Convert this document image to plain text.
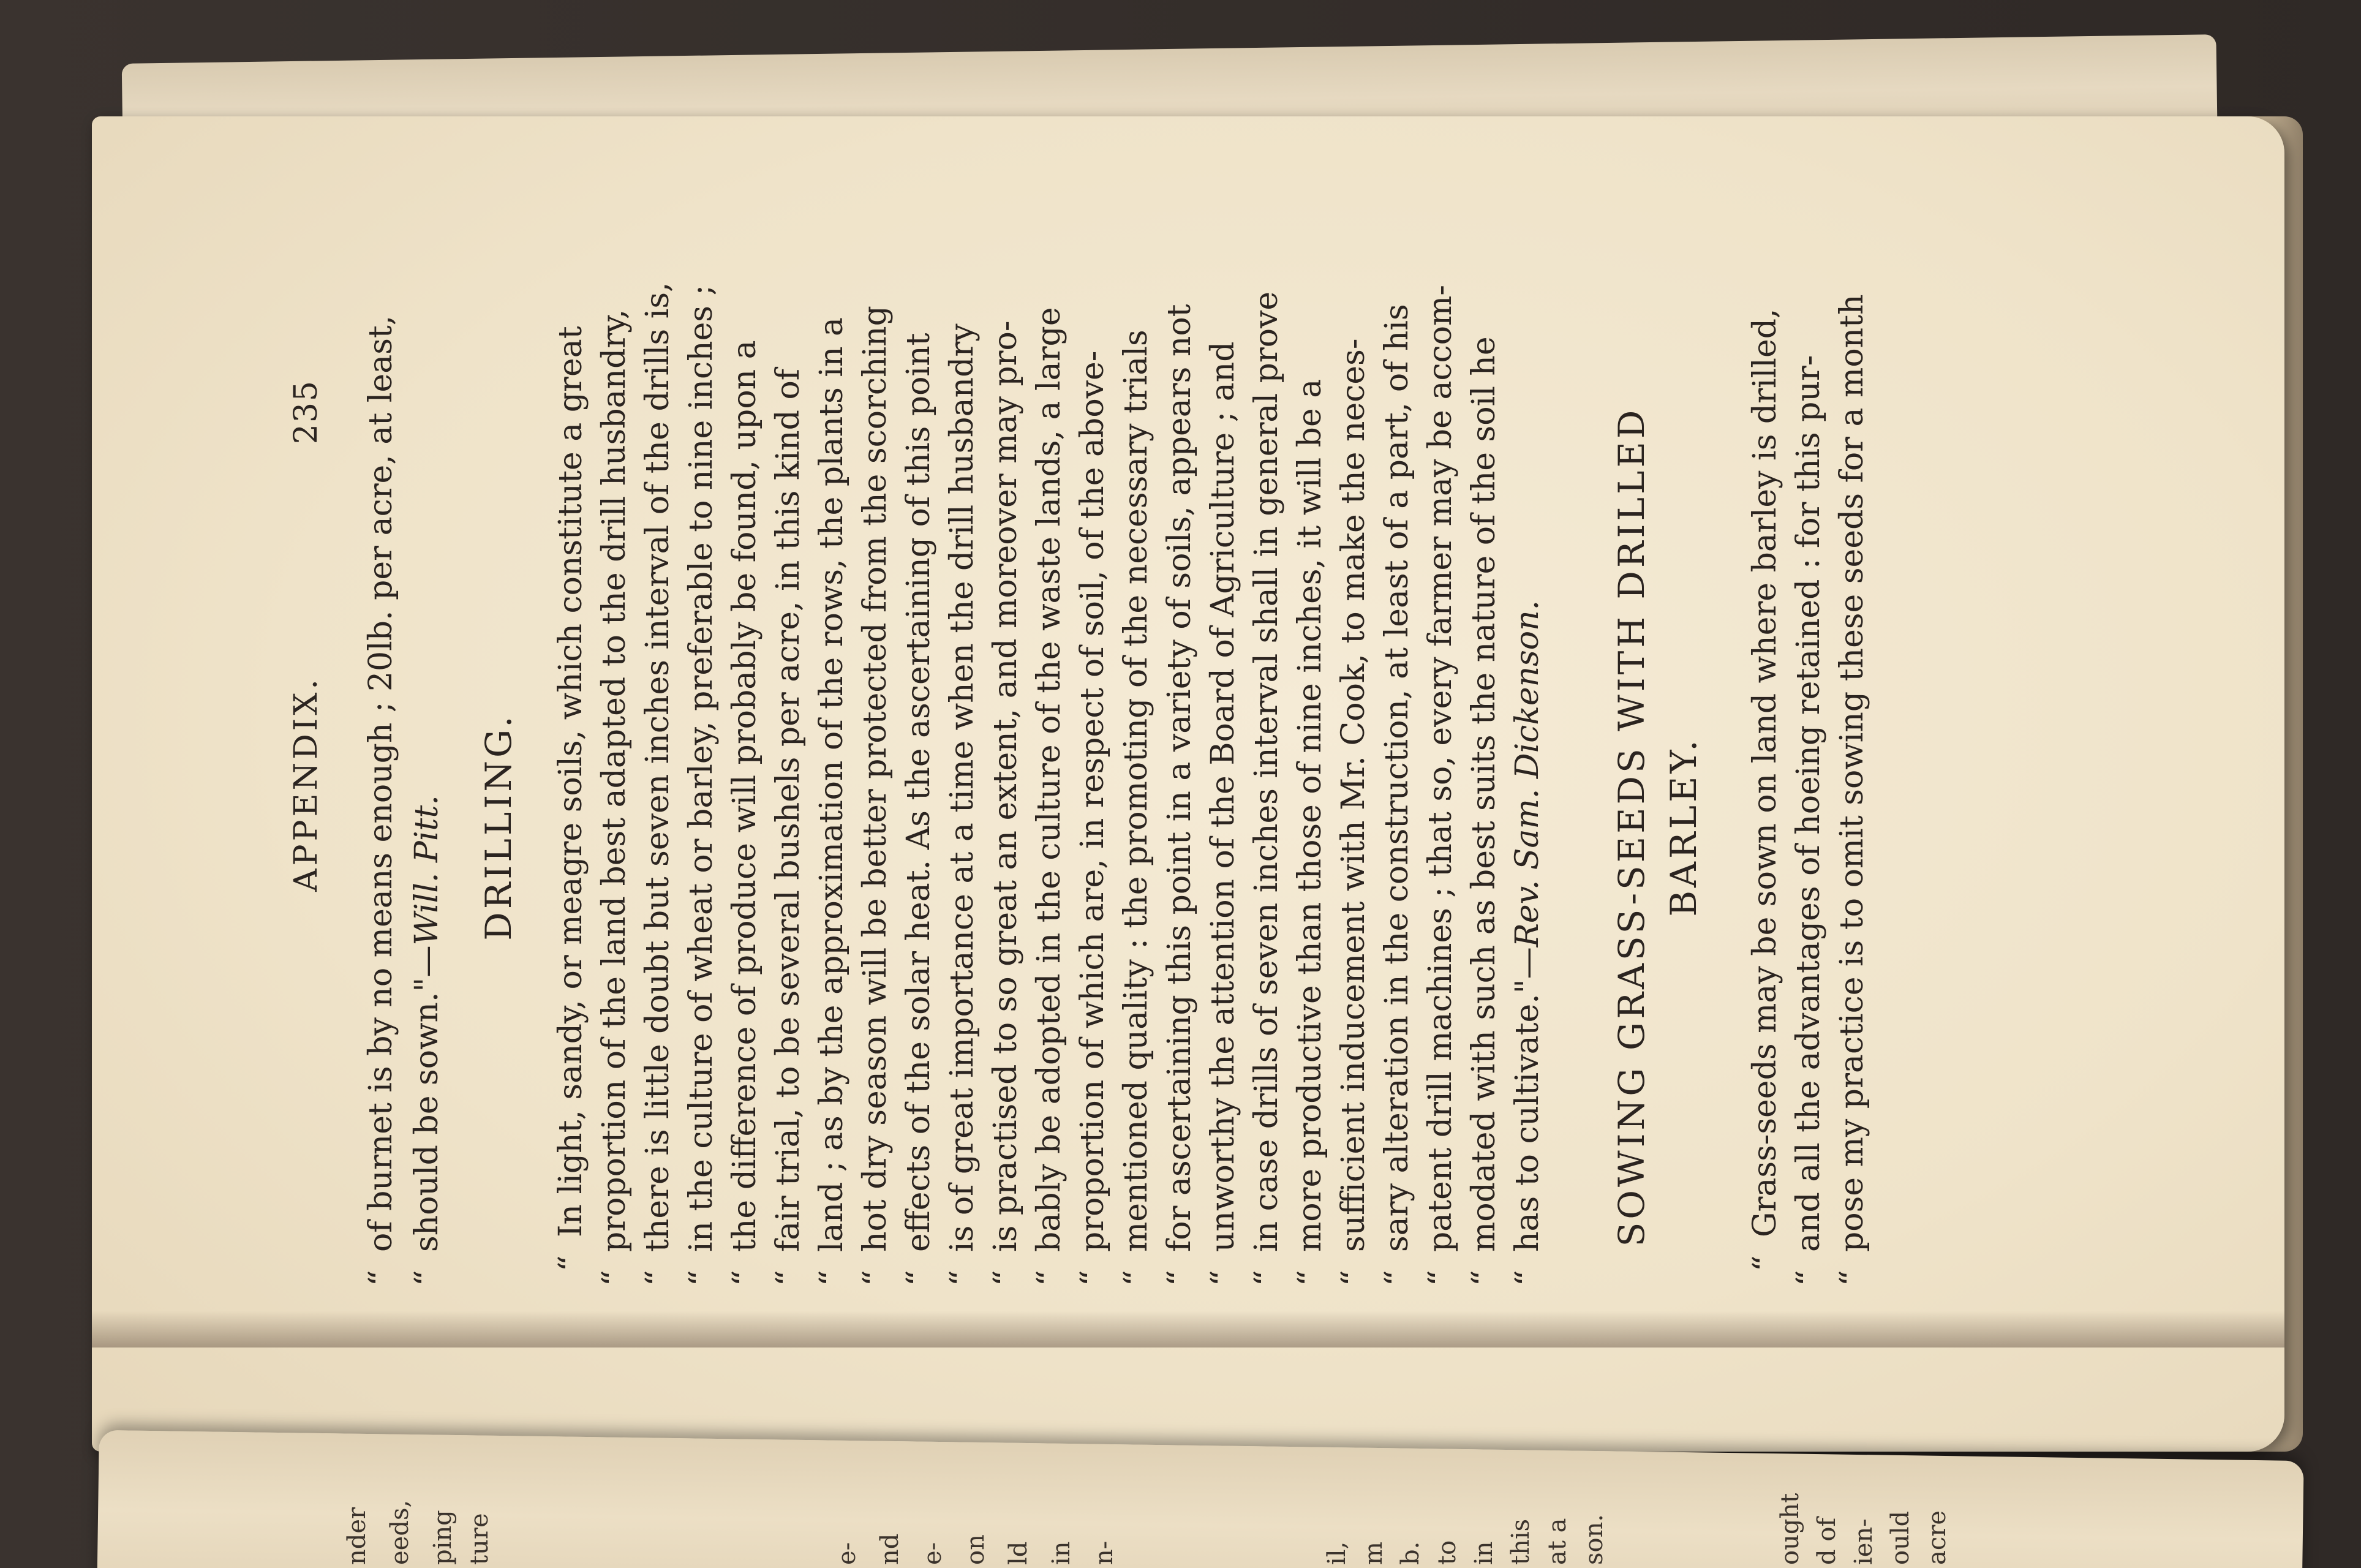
APPENDIX.
235
“of burnet is by no means enough ; 20lb. per acre, at least,
“should be sown."—Will. Pitt. DRILLING.
“In light, sandy, or meagre soils, which constitute a great
“proportion of the land best adapted to the drill husbandry,
“there is little doubt but seven inches interval of the drills is,
“in the culture of wheat or barley, preferable to nine inches ;
“the difference of produce will probably be found, upon a
“fair trial, to be several bushels per acre, in this kind of
“land ; as by the approximation of the rows, the plants in a
“hot dry season will be better protected from the scorching
“effects of the solar heat. As the ascertaining of this point
“is of great importance at a time when the drill husbandry
“is practised to so great an extent, and moreover may pro-
“bably be adopted in the culture of the waste lands, a large
“proportion of which are, in respect of soil, of the above-
“mentioned quality : the promoting of the necessary trials
“for ascertaining this point in a variety of soils, appears not
“unworthy the attention of the Board of Agriculture ; and
“in case drills of seven inches interval shall in general prove
“more productive than those of nine inches, it will be a
“sufficient inducement with Mr. Cook, to make the neces-
“sary alteration in the construction, at least of a part, of his
“patent drill machines ; that so, every farmer may be accom-
“modated with such as best suits the nature of the soil he
“has to cultivate."—Rev. Sam. Dickenson. SOWING GRASS-SEEDS WITH DRILLED BARLEY.
“Grass-seeds may be sown on land where barley is drilled,
“and all the advantages of hoeing retained : for this pur-
“pose my practice is to omit sowing these seeds for a month
ought d of ien- ould acre
nder eeds, ping ture	e- nd e- on ld in n-	il, m b. to in this at a son.
